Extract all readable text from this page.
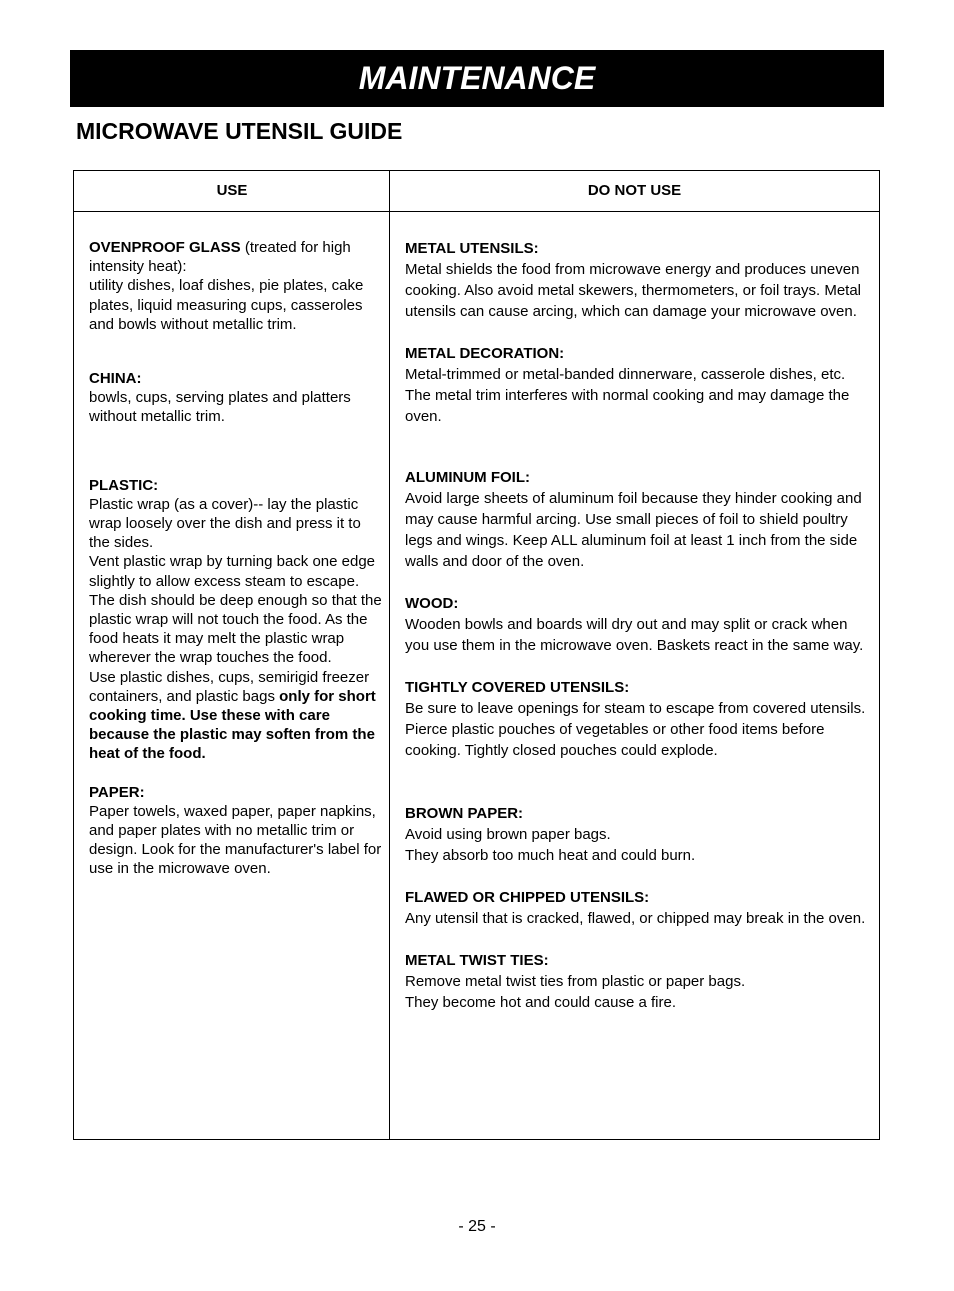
MAINTENANCE
MICROWAVE UTENSIL GUIDE
USE	DO NOT USE

OVENPROOF GLASS (treated for high intensity heat):

utility dishes, loaf dishes, pie plates, cake plates, liquid measuring cups, casseroles and bowls without metallic trim.

CHINA:

bowls, cups, serving plates and platters without metallic trim.

PLASTIC:

Plastic wrap (as a cover)-- lay the plastic wrap loosely over the dish and press it to the sides.

Vent plastic wrap by turning back one edge slightly to allow excess steam to escape. The dish should be deep enough so that the plastic wrap will not touch the food. As the food heats it may melt the plastic wrap wherever the wrap touches the food.

Use plastic dishes, cups, semirigid freezer containers, and plastic bags only for short cooking time. Use these with care because the plastic may soften from the heat of the food.

PAPER:

Paper towels, waxed paper, paper napkins, and paper plates with no metallic trim or design. Look for the manufacturer's label for use in the microwave oven.

METAL UTENSILS:

Metal shields the food from microwave energy and produces uneven cooking. Also avoid metal skewers, thermometers, or foil trays. Metal utensils can cause arcing, which can damage your microwave oven.

METAL DECORATION:

Metal-trimmed or metal-banded dinnerware, casserole dishes, etc. The metal trim interferes with normal cooking and may damage the oven.

ALUMINUM FOIL:

Avoid large sheets of aluminum foil because they hinder cooking and may cause harmful arcing. Use small pieces of foil to shield poultry legs and wings. Keep ALL aluminum foil at least 1 inch from the side walls and door of the oven.

WOOD:

Wooden bowls and boards will dry out and may split or crack when you use them in the microwave oven. Baskets react in the same way.

TIGHTLY COVERED UTENSILS:

Be sure to leave openings for steam to escape from covered utensils. Pierce plastic pouches of vegetables or other food items before cooking. Tightly closed pouches could explode.

BROWN PAPER:

Avoid using brown paper bags.

They absorb too much heat and could burn.

FLAWED OR CHIPPED UTENSILS:

Any utensil that is cracked, flawed, or chipped may break in the oven.

METAL TWIST TIES:

Remove metal twist ties from plastic or paper bags.

They become hot and could cause a fire.

- 25 -
